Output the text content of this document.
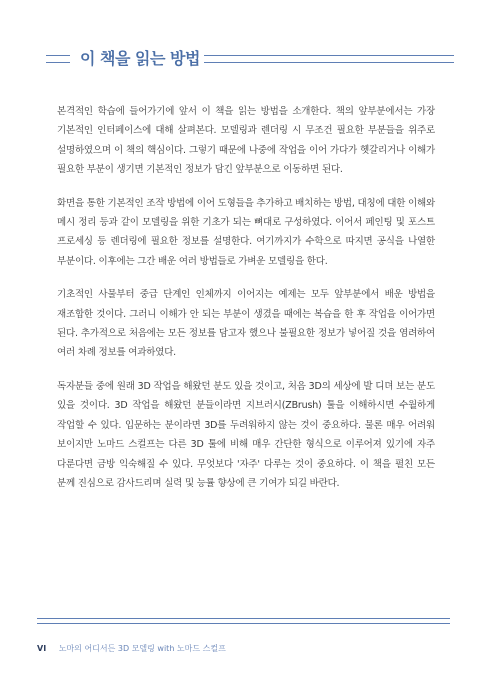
이 책을 읽는 방법

본격적인 학습에 들어가기에 앞서 이 책을 읽는 방법을 소개한다. 책의 앞부분에서는 가장 기본적인 인터페이스에 대해 살펴본다. 모델링과 렌더링 시 무조건 필요한 부분들을 위주로 설명하였으며 이 책의 핵심이다. 그렇기 때문에 나중에 작업을 이어 가다가 헷갈리거나 이해가 필요한 부분이 생기면 기본적인 정보가 담긴 앞부분으로 이동하면 된다.

화면을 통한 기본적인 조작 방법에 이어 도형들을 추가하고 배치하는 방법, 대칭에 대한 이해와 메시 정리 등과 같이 모델링을 위한 기초가 되는 뼈대로 구성하였다. 이어서 페인팅 및 포스트 프로세싱 등 렌더링에 필요한 정보를 설명한다. 여기까지가 수학으로 따지면 공식을 나열한 부분이다. 이후에는 그간 배운 여러 방법들로 가벼운 모델링을 한다.

기초적인 사물부터 중급 단계인 인체까지 이어지는 예제는 모두 앞부분에서 배운 방법을 재조합한 것이다. 그러니 이해가 안 되는 부분이 생겼을 때에는 복습을 한 후 작업을 이어가면 된다. 추가적으로 처음에는 모든 정보를 담고자 했으나 불필요한 정보가 넣어질 것을 염려하여 여러 차례 정보를 여과하였다.

독자분들 중에 원래 3D 작업을 해왔던 분도 있을 것이고, 처음 3D의 세상에 발 디뎌 보는 분도 있을 것이다. 3D 작업을 해왔던 분들이라면 지브러시(ZBrush) 툴을 이해하시면 수월하게 작업할 수 있다. 입문하는 분이라면 3D를 두려워하지 않는 것이 중요하다. 물론 매우 어려워 보이지만 노마드 스컬프는 다른 3D 툴에 비해 매우 간단한 형식으로 이루어져 있기에 자주 다룬다면 금방 익숙해질 수 있다. 무엇보다 '자주' 다루는 것이 중요하다. 이 책을 펼친 모든 분께 진심으로 감사드리며 실력 및 능률 향상에 큰 기여가 되길 바란다.

VI 노마의 어디서든 3D 모델링 with 노마드 스컬프
